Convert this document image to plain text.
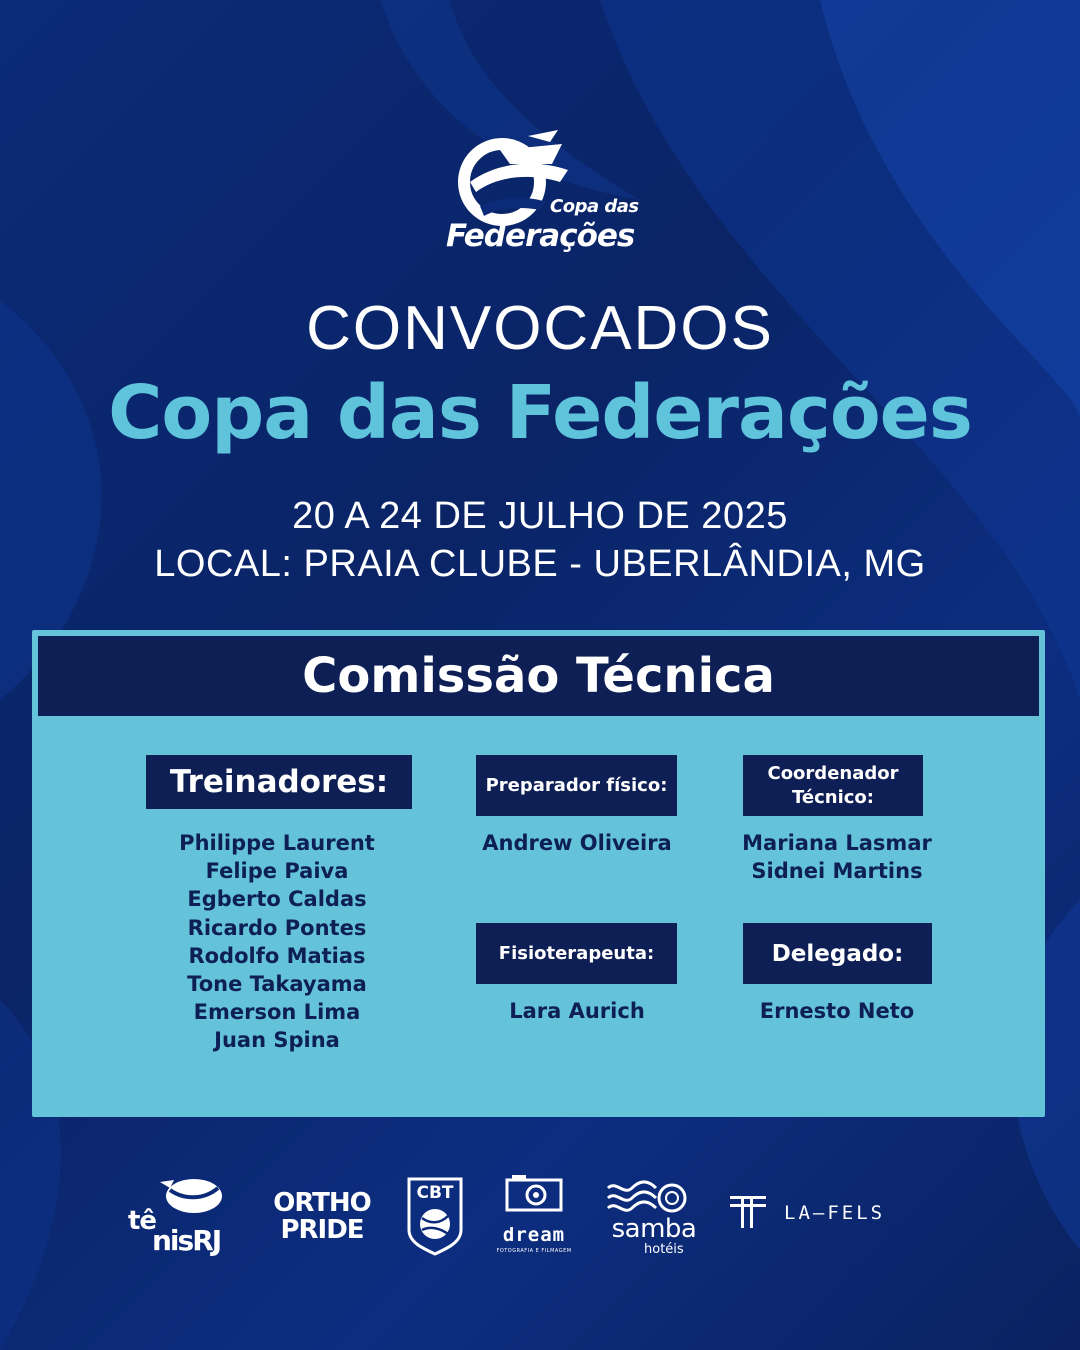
Copa das
Federações
CONVOCADOS
Copa das Federações
20 A 24 DE JULHO DE 2025
LOCAL: PRAIA CLUBE - UBERLÂNDIA, MG
Comissão Técnica
Treinadores:
Philippe Laurent
Felipe Paiva
Egberto Caldas
Ricardo Pontes
Rodolfo Matias
Tone Takayama
Emerson Lima
Juan Spina
Preparador físico:
Andrew Oliveira
Coordenador
Técnico:
Mariana Lasmar
Sidnei Martins
Fisioterapeuta:
Lara Aurich
Delegado:
Ernesto Neto
tê
nisRJ
ORTHO
PRIDE
CBT
dream
FOTOGRAFIA E FILMAGEM
samba
hotéis
LA—FELS
